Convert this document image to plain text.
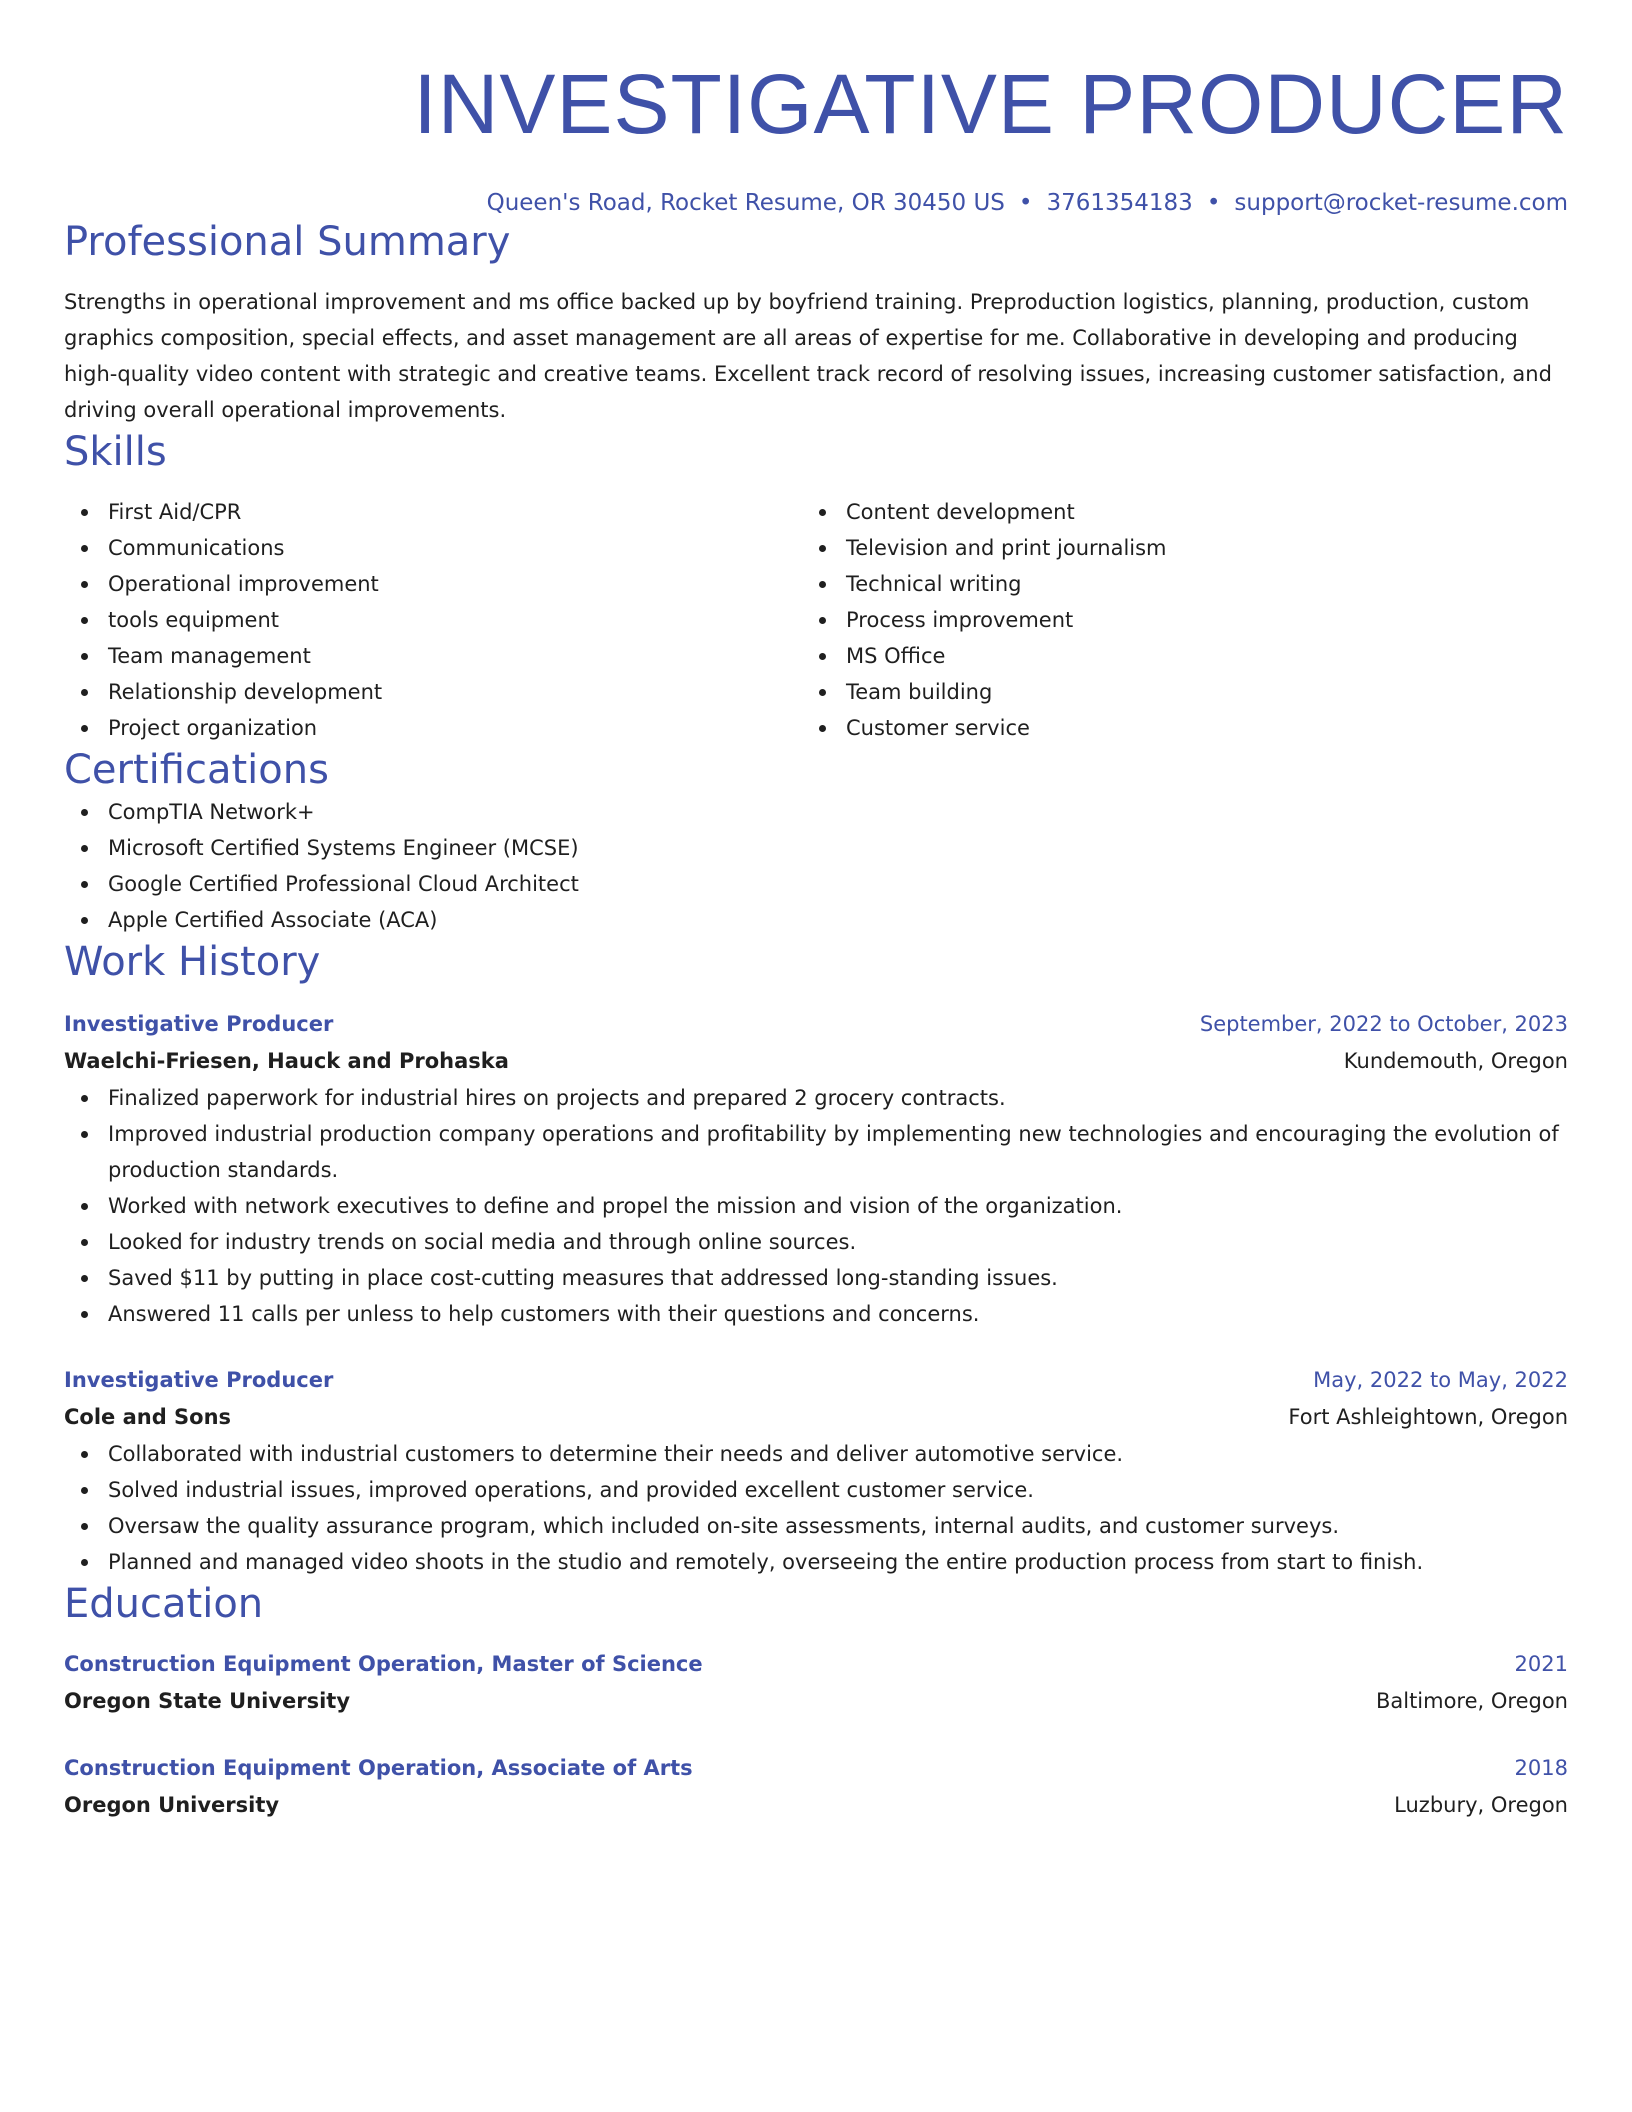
INVESTIGATIVE PRODUCER
Queen's Road, Rocket Resume, OR 30450 US • 3761354183 • support@rocket-resume.com
Professional Summary

Strengths in operational improvement and ms office backed up by boyfriend training. Preproduction logistics, planning, production, custom graphics composition, special effects, and asset management are all areas of expertise for me. Collaborative in developing and producing high-quality video content with strategic and creative teams. Excellent track record of resolving issues, increasing customer satisfaction, and driving overall operational improvements.

Skills
First Aid/CPR
Communications
Operational improvement
tools equipment
Team management
Relationship development
Project organization
Content development
Television and print journalism
Technical writing
Process improvement
MS Office
Team building
Customer service
Certifications
CompTIA Network+
Microsoft Certified Systems Engineer (MCSE)
Google Certified Professional Cloud Architect
Apple Certified Associate (ACA)
Work History
Investigative Producer	September, 2022 to October, 2023
Waelchi-Friesen, Hauck and Prohaska	Kundemouth, Oregon
Finalized paperwork for industrial hires on projects and prepared 2 grocery contracts.
Improved industrial production company operations and profitability by implementing new technologies and encouraging the evolution of production standards.
Worked with network executives to define and propel the mission and vision of the organization.
Looked for industry trends on social media and through online sources.
Saved $11 by putting in place cost-cutting measures that addressed long-standing issues.
Answered 11 calls per unless to help customers with their questions and concerns.
Investigative Producer	May, 2022 to May, 2022
Cole and Sons	Fort Ashleightown, Oregon
Collaborated with industrial customers to determine their needs and deliver automotive service.
Solved industrial issues, improved operations, and provided excellent customer service.
Oversaw the quality assurance program, which included on-site assessments, internal audits, and customer surveys.
Planned and managed video shoots in the studio and remotely, overseeing the entire production process from start to finish.
Education
Construction Equipment Operation, Master of Science	2021
Oregon State University	Baltimore, Oregon
Construction Equipment Operation, Associate of Arts	2018
Oregon University	Luzbury, Oregon
